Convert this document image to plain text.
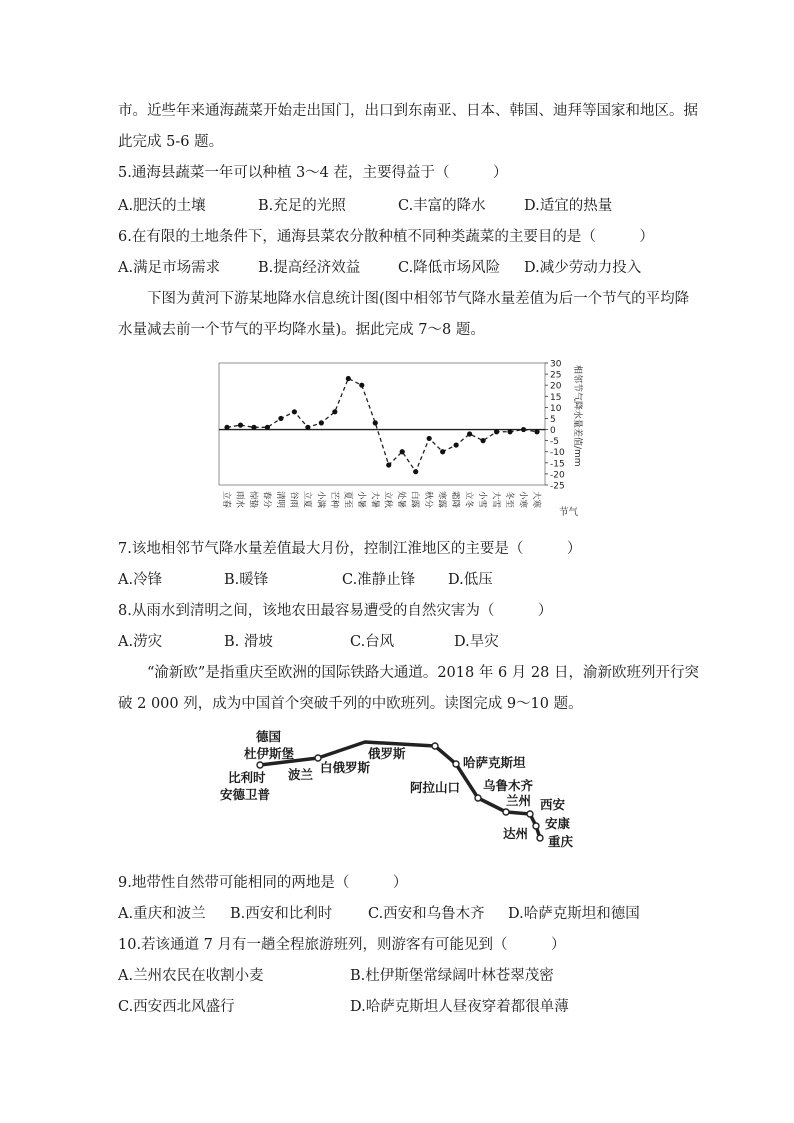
市。近些年来通海蔬菜开始走出国门，出口到东南亚、日本、韩国、迪拜等国家和地区。据
此完成 5-6 题。
5.通海县蔬菜一年可以种植 3～4 茬，主要得益于（　　　）
A.肥沃的土壤	B.充足的光照	C.丰富的降水	D.适宜的热量
6.在有限的土地条件下，通海县菜农分散种植不同种类蔬菜的主要目的是（　　　）
A.满足市场需求	B.提高经济效益	C.降低市场风险 D.减少劳动力投入
下图为黄河下游某地降水信息统计图(图中相邻节气降水量差值为后一个节气的平均降
水量减去前一个节气的平均降水量)。据此完成 7～8 题。
30
25
20
15
10
5
0
-5
-10
-15
-20
-25
相邻节气降水量差值/mm
节气
立春 雨水 惊蛰 春分 清明 谷雨 立夏 小满 芒种 夏至 小暑 大暑 立秋 处暑 白露 秋分 寒露 霜降 立冬 小雪 大雪 冬至 小寒 大寒
7.该地相邻节气降水量差值最大月份，控制江淮地区的主要是（　　　）
A.冷锋	B.暖锋	C.准静止锋 D.低压
8.从雨水到清明之间，该地农田最容易遭受的自然灾害为（　　　）
A.涝灾	B. 滑坡	C.台风	D.旱灾
“渝新欧”是指重庆至欧洲的国际铁路大通道。2018 年 6 月 28 日，渝新欧班列开行突
破 2 000 列，成为中国首个突破千列的中欧班列。读图完成 9～10 题。
德国
杜伊斯堡
比利时
安德卫普
波兰 白俄罗斯
俄罗斯
哈萨克斯坦
阿拉山口 乌鲁木齐
兰州 西安
安康
达州
重庆
9.地带性自然带可能相同的两地是（　　　）
A.重庆和波兰 B.西安和比利时 C.西安和乌鲁木齐 D.哈萨克斯坦和德国
10.若该通道 7 月有一趟全程旅游班列，则游客有可能见到（　　　）
A.兰州农民在收割小麦	B.杜伊斯堡常绿阔叶林苍翠茂密
C.西安西北风盛行	D.哈萨克斯坦人昼夜穿着都很单薄
